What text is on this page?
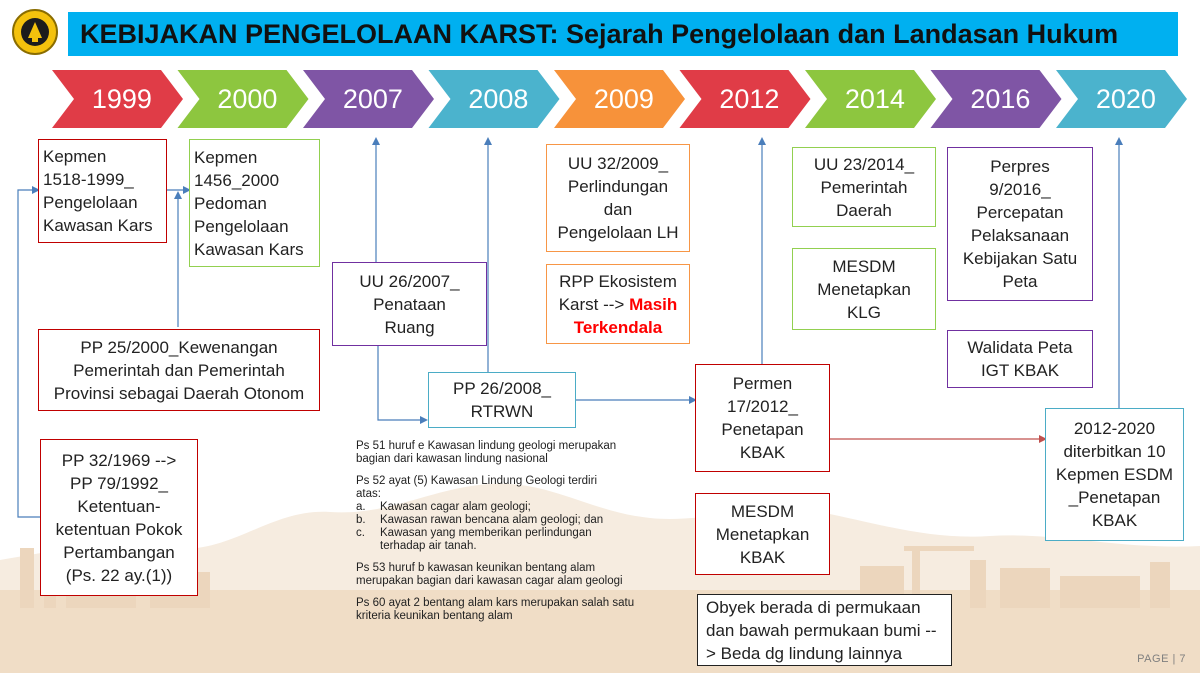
KEBIJAKAN PENGELOLAAN KARST: Sejarah Pengelolaan dan Landasan Hukum
Kepmen
1518-1999_
Pengelolaan
Kawasan Kars
Kepmen
1456_2000
Pedoman
Pengelolaan
Kawasan Kars
PP 25/2000_Kewenangan
Pemerintah dan Pemerintah
Provinsi sebagai Daerah Otonom
PP 32/1969 -->
PP 79/1992_
Ketentuan-
ketentuan Pokok
Pertambangan
(Ps. 22 ay.(1))
UU 26/2007_
Penataan
Ruang
PP 26/2008_
RTRWN
UU 32/2009_
Perlindungan
dan
Pengelolaan LH
RPP Ekosistem
Karst --> Masih
Terkendala
Permen
17/2012_
Penetapan
KBAK
MESDM
Menetapkan
KBAK
Obyek berada di permukaan
dan bawah permukaan bumi --
> Beda dg lindung lainnya
UU 23/2014_
Pemerintah
Daerah
MESDM
Menetapkan
KLG
Perpres
9/2016_
Percepatan
Pelaksanaan
Kebijakan Satu
Peta
Walidata Peta
IGT KBAK
2012-2020
diterbitkan 10
Kepmen ESDM
_Penetapan
KBAK
Ps 51 huruf e Kawasan lindung geologi merupakan
bagian dari kawasan lindung nasional
Ps 52 ayat (5) Kawasan Lindung Geologi terdiri
atas:
a.	Kawasan cagar alam geologi;
b.	Kawasan rawan bencana alam geologi; dan
c.	Kawasan yang memberikan perlindungan
terhadap air tanah.
Ps 53 huruf b kawasan keunikan bentang alam
merupakan bagian dari kawasan cagar alam geologi
Ps 60 ayat 2 bentang alam kars merupakan salah satu
kriteria keunikan bentang alam
PAGE | 7
1999	2000	2007	2008	2009	2012	2014	2016	2020
